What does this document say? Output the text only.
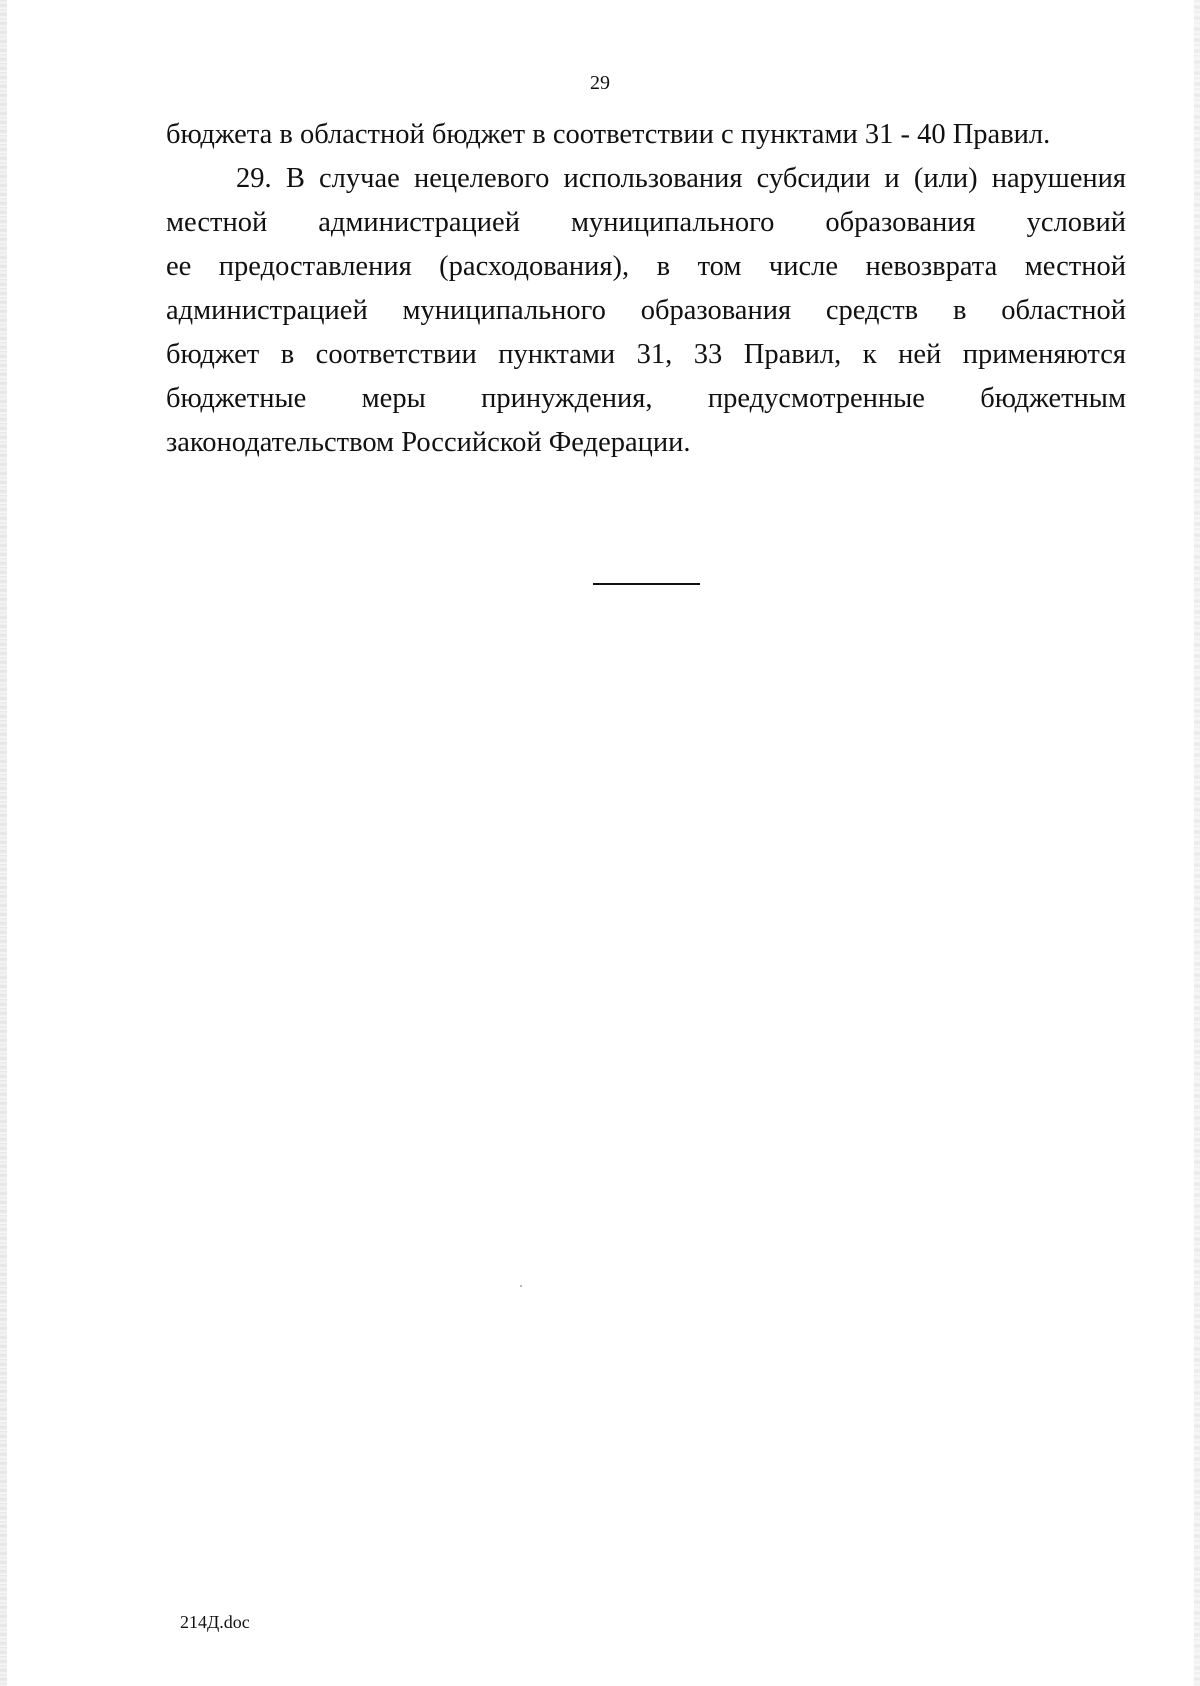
29
бюджета в областной бюджет в соответствии с пунктами 31 - 40 Правил.
29. В случае нецелевого использования субсидии и (или) нарушения
местной администрацией муниципального образования условий
ее предоставления (расходования), в том числе невозврата местной
администрацией муниципального образования средств в областной
бюджет в соответствии пунктами 31, 33 Правил, к ней применяются
бюджетные меры принуждения, предусмотренные бюджетным
законодательством Российской Федерации.
214Д.doc
